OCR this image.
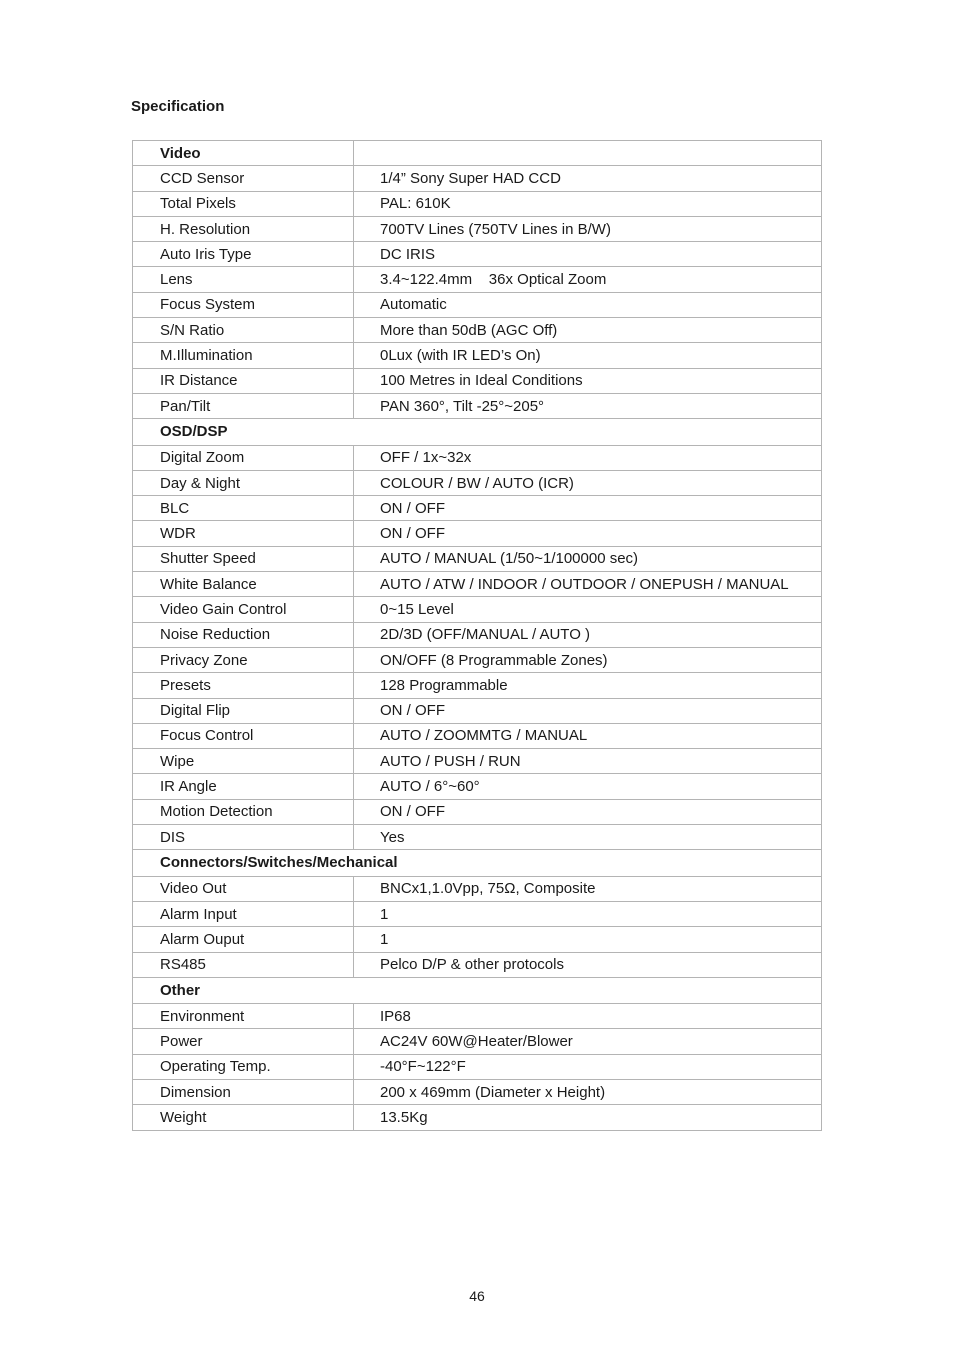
Specification
Video	
CCD Sensor	1/4” Sony Super HAD CCD
Total Pixels	PAL: 610K
H. Resolution	700TV Lines (750TV Lines in B/W)
Auto Iris Type	DC IRIS
Lens	3.4~122.4mm    36x Optical Zoom
Focus System	Automatic
S/N Ratio	More than 50dB (AGC Off)
M.Illumination	0Lux (with IR LED’s On)
IR Distance	100 Metres in Ideal Conditions
Pan/Tilt	PAN 360°, Tilt -25°~205°
OSD/DSP	
Digital Zoom	OFF / 1x~32x
Day & Night	COLOUR / BW / AUTO (ICR)
BLC	ON / OFF
WDR	ON / OFF
Shutter Speed	AUTO / MANUAL (1/50~1/100000 sec)
White Balance	AUTO / ATW / INDOOR / OUTDOOR / ONEPUSH / MANUAL
Video Gain Control	0~15 Level
Noise Reduction	2D/3D (OFF/MANUAL / AUTO )
Privacy Zone	ON/OFF (8 Programmable Zones)
Presets	128 Programmable
Digital Flip	ON / OFF
Focus Control	AUTO / ZOOMMTG / MANUAL
Wipe	AUTO / PUSH / RUN
IR Angle	AUTO / 6°~60°
Motion Detection	ON / OFF
DIS	Yes
Connectors/Switches/Mechanical	
Video Out	BNCx1,1.0Vpp, 75Ω, Composite
Alarm Input	1
Alarm Ouput	1
RS485	Pelco D/P & other protocols
Other	
Environment	IP68
Power	AC24V 60W@Heater/Blower
Operating Temp.	-40°F~122°F
Dimension	200 x 469mm (Diameter x Height)
Weight	13.5Kg
46
